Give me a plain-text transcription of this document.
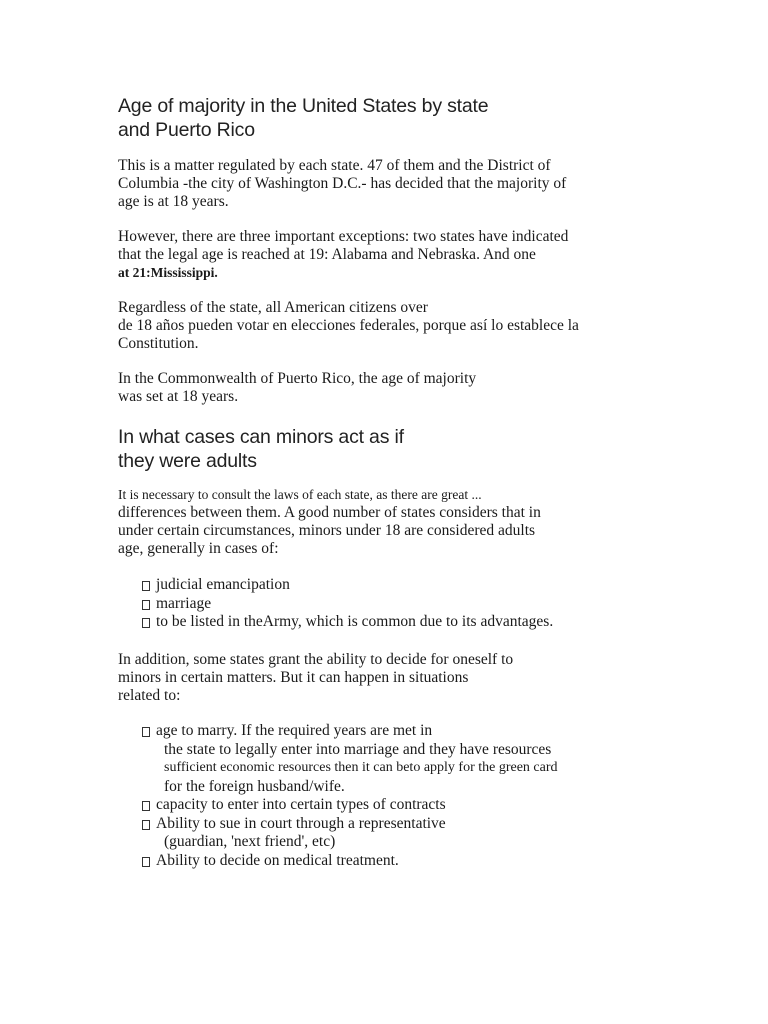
Age of majority in the United States by state
and Puerto Rico
This is a matter regulated by each state. 47 of them and the District of
Columbia -the city of Washington D.C.- has decided that the majority of
age is at 18 years.
However, there are three important exceptions: two states have indicated
that the legal age is reached at 19: Alabama and Nebraska. And one
at 21:Mississippi.
Regardless of the state, all American citizens over
de 18 años pueden votar en elecciones federales, porque así lo establece la
Constitution.
In the Commonwealth of Puerto Rico, the age of majority
was set at 18 years.
In what cases can minors act as if
they were adults
It is necessary to consult the laws of each state, as there are great ...
differences between them. A good number of states considers that in
under certain circumstances, minors under 18 are considered adults
age, generally in cases of:
judicial emancipation
marriage
to be listed in theArmy, which is common due to its advantages.
In addition, some states grant the ability to decide for oneself to
minors in certain matters. But it can happen in situations
related to:
age to marry. If the required years are met in
the state to legally enter into marriage and they have resources
sufficient economic resources then it can beto apply for the green card
for the foreign husband/wife.
capacity to enter into certain types of contracts
Ability to sue in court through a representative
(guardian, 'next friend', etc)
Ability to decide on medical treatment.
